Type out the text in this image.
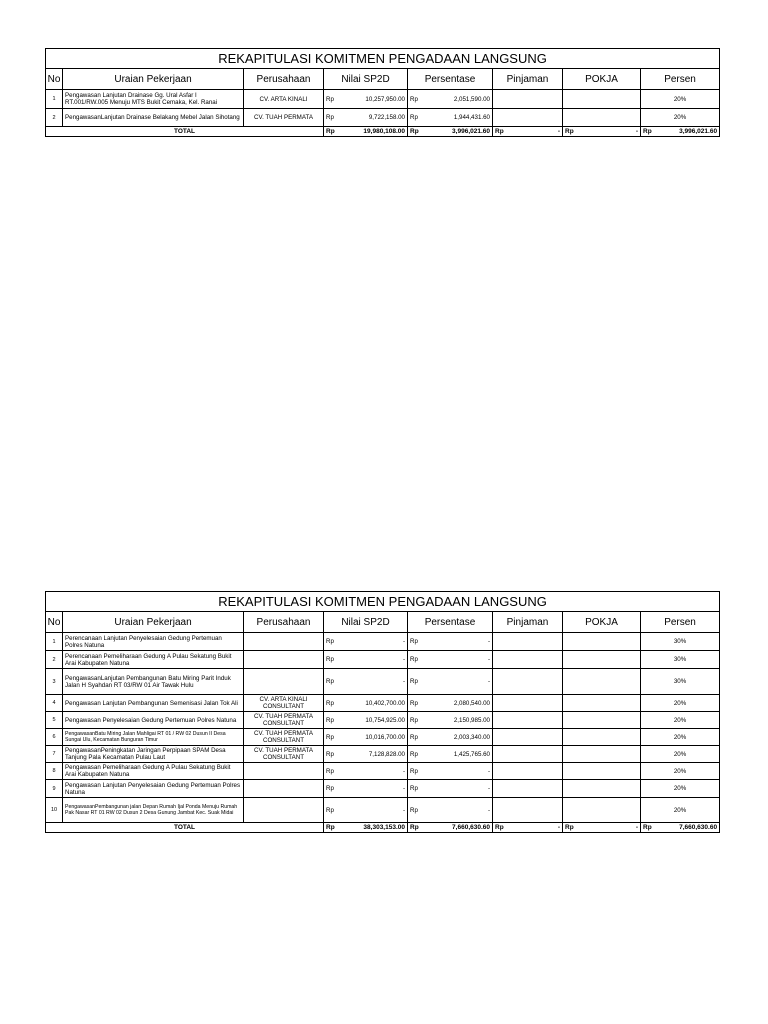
REKAPITULASI KOMITMEN PENGADAAN LANGSUNG							
No	Uraian Pekerjaan	Perusahaan	Nilai SP2D	Persentase	Pinjaman	POKJA	Persen
1	Pengawasan Lanjutan Drainase Gg. Ural Asfar I RT.001/RW.005 Menuju MTS Bukit Cemaka, Kel. Ranai	CV. ARTA KINALI	Rp 10,257,950.00	Rp 2,051,590.00			20%
2	PengawasanLanjutan Drainase Belakang Mebel Jalan Sihotang	CV. TUAH PERMATA	Rp 9,722,158.00	Rp 1,944,431.60			20%
TOTAL			Rp 19,980,108.00	Rp 3,996,021.60	Rp -	Rp -	Rp 3,996,021.60
REKAPITULASI KOMITMEN PENGADAAN LANGSUNG							
No	Uraian Pekerjaan	Perusahaan	Nilai SP2D	Persentase	Pinjaman	POKJA	Persen
1	Perencanaan Lanjutan Penyelesaian Gedung Pertemuan Polres Natuna		Rp -	Rp -			30%
2	Perencanaan Pemeliharaan Gedung A Pulau Sekatung Bukit Arai Kabupaten Natuna		Rp -	Rp -			30%
3	PengawasanLanjutan Pembangunan Batu Miring Parit Induk Jalan H Syahdan RT 03/RW 01 Air Tawak Hulu		Rp -	Rp -			30%
4	Pengawasan Lanjutan Pembangunan Semenisasi Jalan Tok Ali	CV. ARTA KINALI CONSULTANT	Rp 10,402,700.00	Rp 2,080,540.00			20%
5	Pengawasan Penyelesaian Gedung Pertemuan Polres Natuna	CV. TUAH PERMATA CONSULTANT	Rp 10,754,925.00	Rp 2,150,985.00			20%
6	PengawasanBatu Miring Jalan Mahligai RT 01 / RW 02 Dusun II Desa Sungai Ulu, Kecamatan Bunguran Timur	CV. TUAH PERMATA CONSULTANT	Rp 10,016,700.00	Rp 2,003,340.00			20%
7	PengawasanPeningkatan Jaringan Perpipaan SPAM Desa Tanjung Pala Kecamatan Pulau Laut	CV. TUAH PERMATA CONSULTANT	Rp 7,128,828.00	Rp 1,425,765.60			20%
8	Pengawasan Pemeliharaan Gedung A Pulau Sekatung Bukit Arai Kabupaten Natuna		Rp -	Rp -			20%
9	Pengawasan Lanjutan Penyelesaian Gedung Pertemuan Polres Natuna		Rp -	Rp -			20%
10	PengawasanPembangunan jalan Depan Rumah Ijal Ponda Menuju Rumah Pak Nasar RT 01 RW 02 Dusun 2 Desa Gunung Jambat Kec. Suak Midai		Rp -	Rp -			20%
TOTAL			Rp 38,303,153.00	Rp 7,660,630.60	Rp -	Rp -	Rp 7,660,630.60
